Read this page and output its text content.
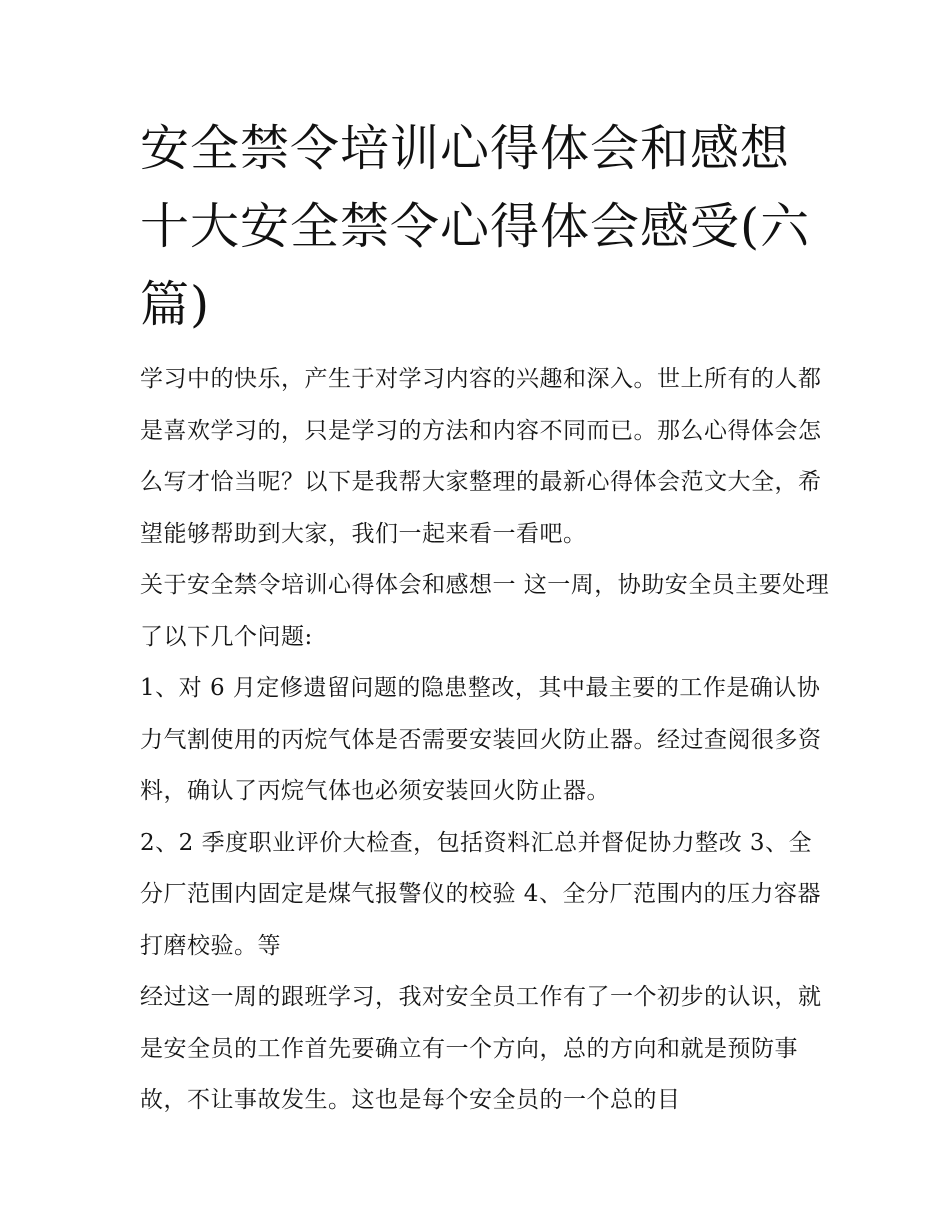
安全禁令培训心得体会和感想十大安全禁令心得体会感受(六篇)

学习中的快乐，产生于对学习内容的兴趣和深入。世上所有的人都是喜欢学习的，只是学习的方法和内容不同而已。那么心得体会怎么写才恰当呢？以下是我帮大家整理的最新心得体会范文大全，希望能够帮助到大家，我们一起来看一看吧。

关于安全禁令培训心得体会和感想一 这一周，协助安全员主要处理了以下几个问题:

1、对 6 月定修遗留问题的隐患整改，其中最主要的工作是确认协力气割使用的丙烷气体是否需要安装回火防止器。经过查阅很多资料，确认了丙烷气体也必须安装回火防止器。

2、2 季度职业评价大检查，包括资料汇总并督促协力整改 3、全分厂范围内固定是煤气报警仪的校验 4、全分厂范围内的压力容器打磨校验。等

经过这一周的跟班学习，我对安全员工作有了一个初步的认识，就是安全员的工作首先要确立有一个方向，总的方向和就是预防事故，不让事故发生。这也是每个安全员的一个总的目
